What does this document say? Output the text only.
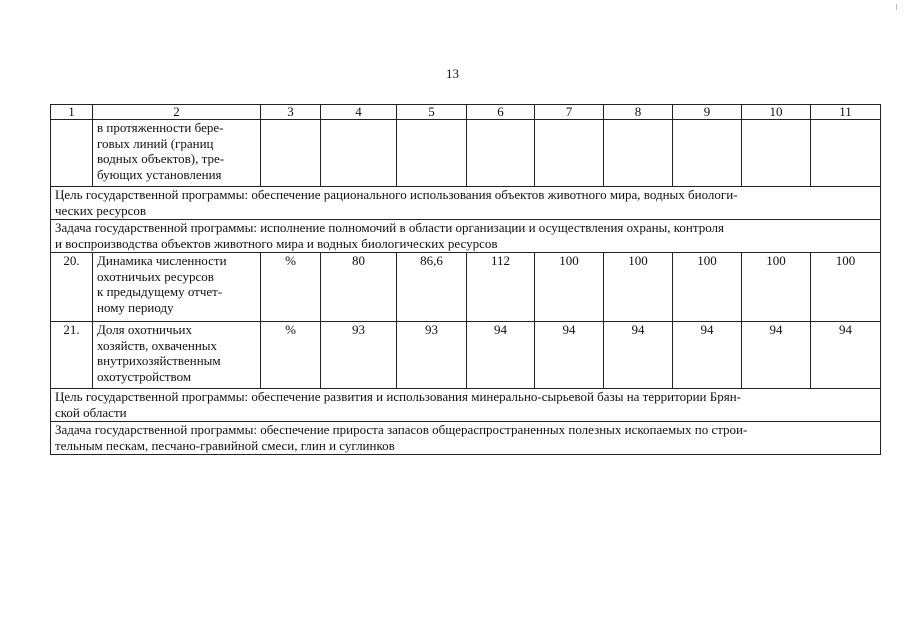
13
1	2	3	4	5	6	7	8	9	10	11
	в протяженности бере-
говых линий (границ
водных объектов), тре-
бующих установления									
Цель государственной программы: обеспечение рационального использования объектов животного мира, водных биологи-
ческих ресурсов										
Задача государственной программы: исполнение полномочий в области организации и осуществления охраны, контроля
и воспроизводства объектов животного мира и водных биологических ресурсов										
20.	Динамика численности
охотничьих ресурсов
к предыдущему отчет-
ному периоду	%	80	86,6	112	100	100	100	100	100
21.	Доля охотничьих
хозяйств, охваченных
внутрихозяйственным
охотустройством	%	93	93	94	94	94	94	94	94
Цель государственной программы: обеспечение развития и использования минерально-сырьевой базы на территории Брян-
ской области										
Задача государственной программы: обеспечение прироста запасов общераспространенных полезных ископаемых по строи-
тельным пескам, песчано-гравийной смеси, глин и суглинков										
